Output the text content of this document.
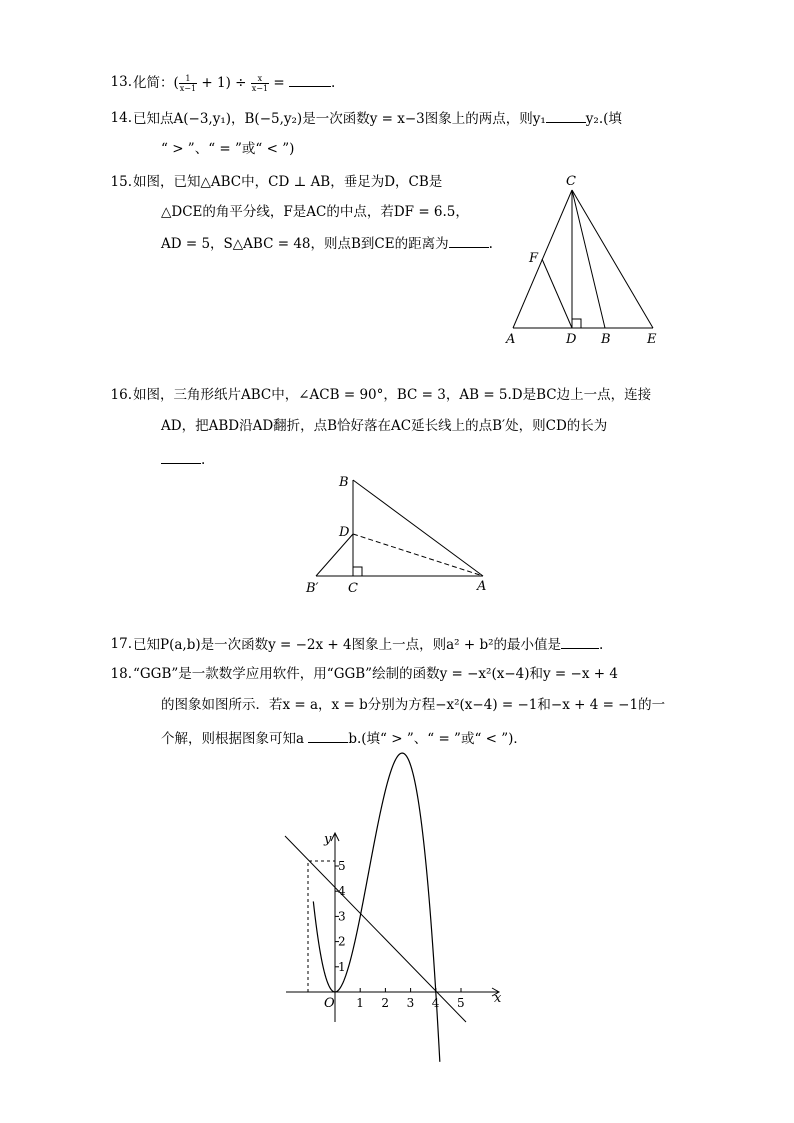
13. 化简：( $\frac{1}{x-1} + 1) \div \frac{x}{x-1}$ =	.
14. 已知点A(−3,y₁)，B(−5,y₂)是一次函数y = x−3图象上的两点，则y₁	y₂.(填
“ > ”、“ = ”或“ < ”)
15. 如图，已知△ABC中，CD ⊥ AB，垂足为D，CB是
△DCE的角平分线，F是AC的中点，若DF = 6.5，
AD = 5，S△ABC = 48，则点B到CE的距离为	.
C
F
A	D B	E
16. 如图，三角形纸片ABC中，∠ACB = 90°，BC = 3，AB = 5.D是BC边上一点，连接
AD，把ABD沿AD翻折，点B恰好落在AC延长线上的点B′处，则CD的长为
.
B
D
B′ C	A
17. 已知P(a,b)是一次函数y = −2x + 4图象上一点，则a² + b²的最小值是	.
18. “GGB”是一款数学应用软件，用“GGB”绘制的函数y = −x²(x−4)和y = −x + 4
的图象如图所示．若x = a，x = b分别为方程−x²(x−4) = −1和−x + 4 = −1的一
个解，则根据图象可知a	b.(填“ > ”、“ = ”或“ < ”)．
1 2 3 4 5
1
2
3
4
5
y
x
O
